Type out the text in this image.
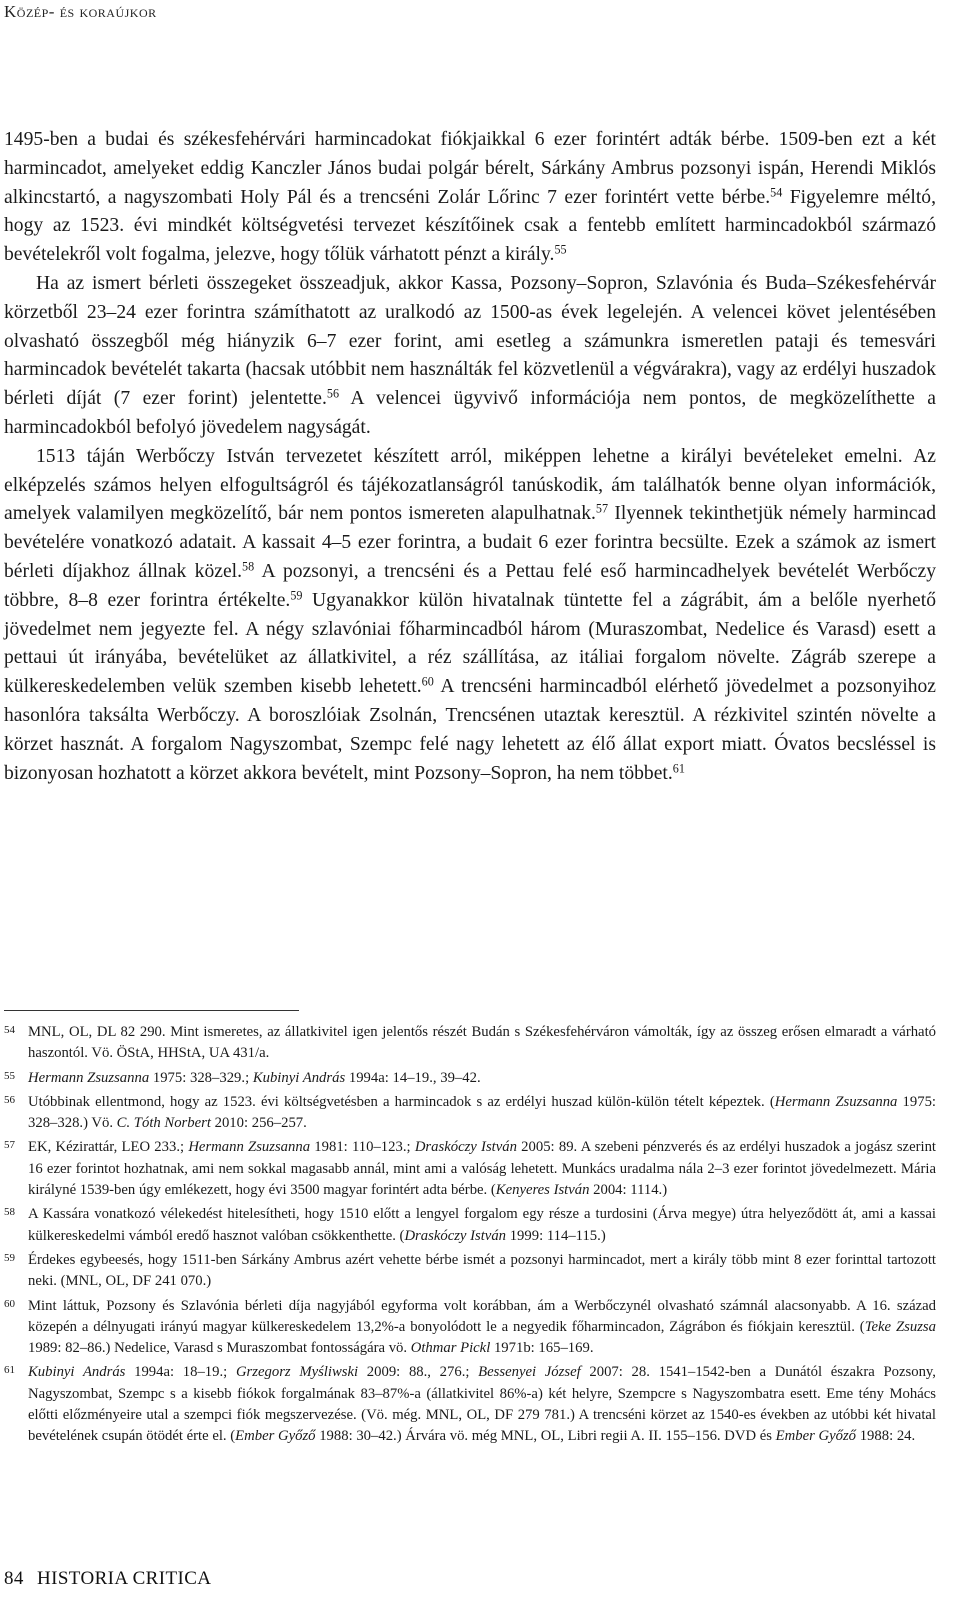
Közép- és koraújkor

1495-ben a budai és székesfehérvári harmincadokat fiókjaikkal 6 ezer forintért adták bérbe. 1509-ben ezt a két harmincadot, amelyeket eddig Kanczler János budai polgár bérelt, Sárkány Ambrus pozsonyi ispán, Herendi Miklós alkincstartó, a nagyszombati Holy Pál és a trencséni Zolár Lőrinc 7 ezer forintért vette bérbe.$^{54}$ Figyelemre méltó, hogy az 1523. évi mindkét költségvetési tervezet készítőinek csak a fentebb említett harmincadokból származó bevételekről volt fogalma, jelezve, hogy tőlük várhatott pénzt a király.$^{55}$

Ha az ismert bérleti összegeket összeadjuk, akkor Kassa, Pozsony–Sopron, Szlavónia és Buda–Székesfehérvár körzetből 23–24 ezer forintra számíthatott az uralkodó az 1500-as évek legelején. A velencei követ jelentésében olvasható összegből még hiányzik 6–7 ezer forint, ami esetleg a számunkra ismeretlen pataji és temesvári harmincadok bevételét takarta (hacsak utóbbit nem használták fel közvetlenül a végvárakra), vagy az erdélyi huszadok bérleti díját (7 ezer forint) jelentette.$^{56}$ A velencei ügyvivő információja nem pontos, de megközelíthette a harmincadokból befolyó jövedelem nagyságát.

1513 táján Werbőczy István tervezetet készített arról, miképpen lehetne a királyi bevételeket emelni. Az elképzelés számos helyen elfogultságról és tájékozatlanságról tanúskodik, ám találhatók benne olyan információk, amelyek valamilyen megközelítő, bár nem pontos ismereten alapulhatnak.$^{57}$ Ilyennek tekinthetjük némely harmincad bevételére vonatkozó adatait. A kassait 4–5 ezer forintra, a budait 6 ezer forintra becsülte. Ezek a számok az ismert bérleti díjakhoz állnak közel.$^{58}$ A pozsonyi, a trencséni és a Pettau felé eső harmincadhelyek bevételét Werbőczy többre, 8–8 ezer forintra értékelte.$^{59}$ Ugyanakkor külön hivatalnak tüntette fel a zágrábit, ám a belőle nyerhető jövedelmet nem jegyezte fel. A négy szlavóniai főharmincadból három (Muraszombat, Nedelice és Varasd) esett a pettaui út irányába, bevételüket az állatkivitel, a réz szállítása, az itáliai forgalom növelte. Zágráb szerepe a külkereskedelemben velük szemben kisebb lehetett.$^{60}$ A trencséni harmincadból elérhető jövedelmet a pozsonyihoz hasonlóra taksálta Werbőczy. A boroszlóiak Zsolnán, Trencsénen utaztak keresztül. A rézkivitel szintén növelte a körzet hasznát. A forgalom Nagyszombat, Szempc felé nagy lehetett az élő állat export miatt. Óvatos becsléssel is bizonyosan hozhatott a körzet akkora bevételt, mint Pozsony–Sopron, ha nem többet.$^{61}$

54 MNL, OL, DL 82 290. Mint ismeretes, az állatkivitel igen jelentős részét Budán s Székesfehérváron vámolták, így az összeg erősen elmaradt a várható haszontól. Vö. ÖStA, HHStA, UA 431/a.
55 Hermann Zsuzsanna 1975: 328–329.; Kubinyi András 1994a: 14–19., 39–42.
56 Utóbbinak ellentmond, hogy az 1523. évi költségvetésben a harmincadok s az erdélyi huszad külön-külön tételt képeztek. (Hermann Zsuzsanna 1975: 328–328.) Vö. C. Tóth Norbert 2010: 256–257.
57 EK, Kézirattár, LEO 233.; Hermann Zsuzsanna 1981: 110–123.; Draskóczy István 2005: 89. A szebeni pénzverés és az erdélyi huszadok a jogász szerint 16 ezer forintot hozhatnak, ami nem sokkal magasabb annál, mint ami a valóság lehetett. Munkács uradalma nála 2–3 ezer forintot jövedelmezett. Mária királyné 1539-ben úgy emlékezett, hogy évi 3500 magyar forintért adta bérbe. (Kenyeres István 2004: 1114.)
58 A Kassára vonatkozó vélekedést hitelesítheti, hogy 1510 előtt a lengyel forgalom egy része a turdosini (Árva megye) útra helyeződött át, ami a kassai külkereskedelmi vámból eredő hasznot valóban csökkenthette. (Draskóczy István 1999: 114–115.)
59 Érdekes egybeesés, hogy 1511-ben Sárkány Ambrus azért vehette bérbe ismét a pozsonyi harmincadot, mert a király több mint 8 ezer forinttal tartozott neki. (MNL, OL, DF 241 070.)
60 Mint láttuk, Pozsony és Szlavónia bérleti díja nagyjából egyforma volt korábban, ám a Werbőczynél olvasható számnál alacsonyabb. A 16. század közepén a délnyugati irányú magyar külkereskedelem 13,2%-a bonyolódott le a negyedik főharmincadon, Zágrábon és fiókjain keresztül. (Teke Zsuzsa 1989: 82–86.) Nedelice, Varasd s Muraszombat fontosságára vö. Othmar Pickl 1971b: 165–169.
61 Kubinyi András 1994a: 18–19.; Grzegorz Myśliwski 2009: 88., 276.; Bessenyei József 2007: 28. 1541–1542-ben a Dunától északra Pozsony, Nagyszombat, Szempc s a kisebb fiókok forgalmának 83–87%-a (állatkivitel 86%-a) két helyre, Szempcre s Nagyszombatra esett. Eme tény Mohács előtti előzményeire utal a szempci fiók megszervezése. (Vö. még. MNL, OL, DF 279 781.) A trencséni körzet az 1540-es években az utóbbi két hivatal bevételének csupán ötödét érte el. (Ember Győző 1988: 30–42.) Árvára vö. még MNL, OL, Libri regii A. II. 155–156. DVD és Ember Győző 1988: 24.
84 HISTORIA CRITICA
